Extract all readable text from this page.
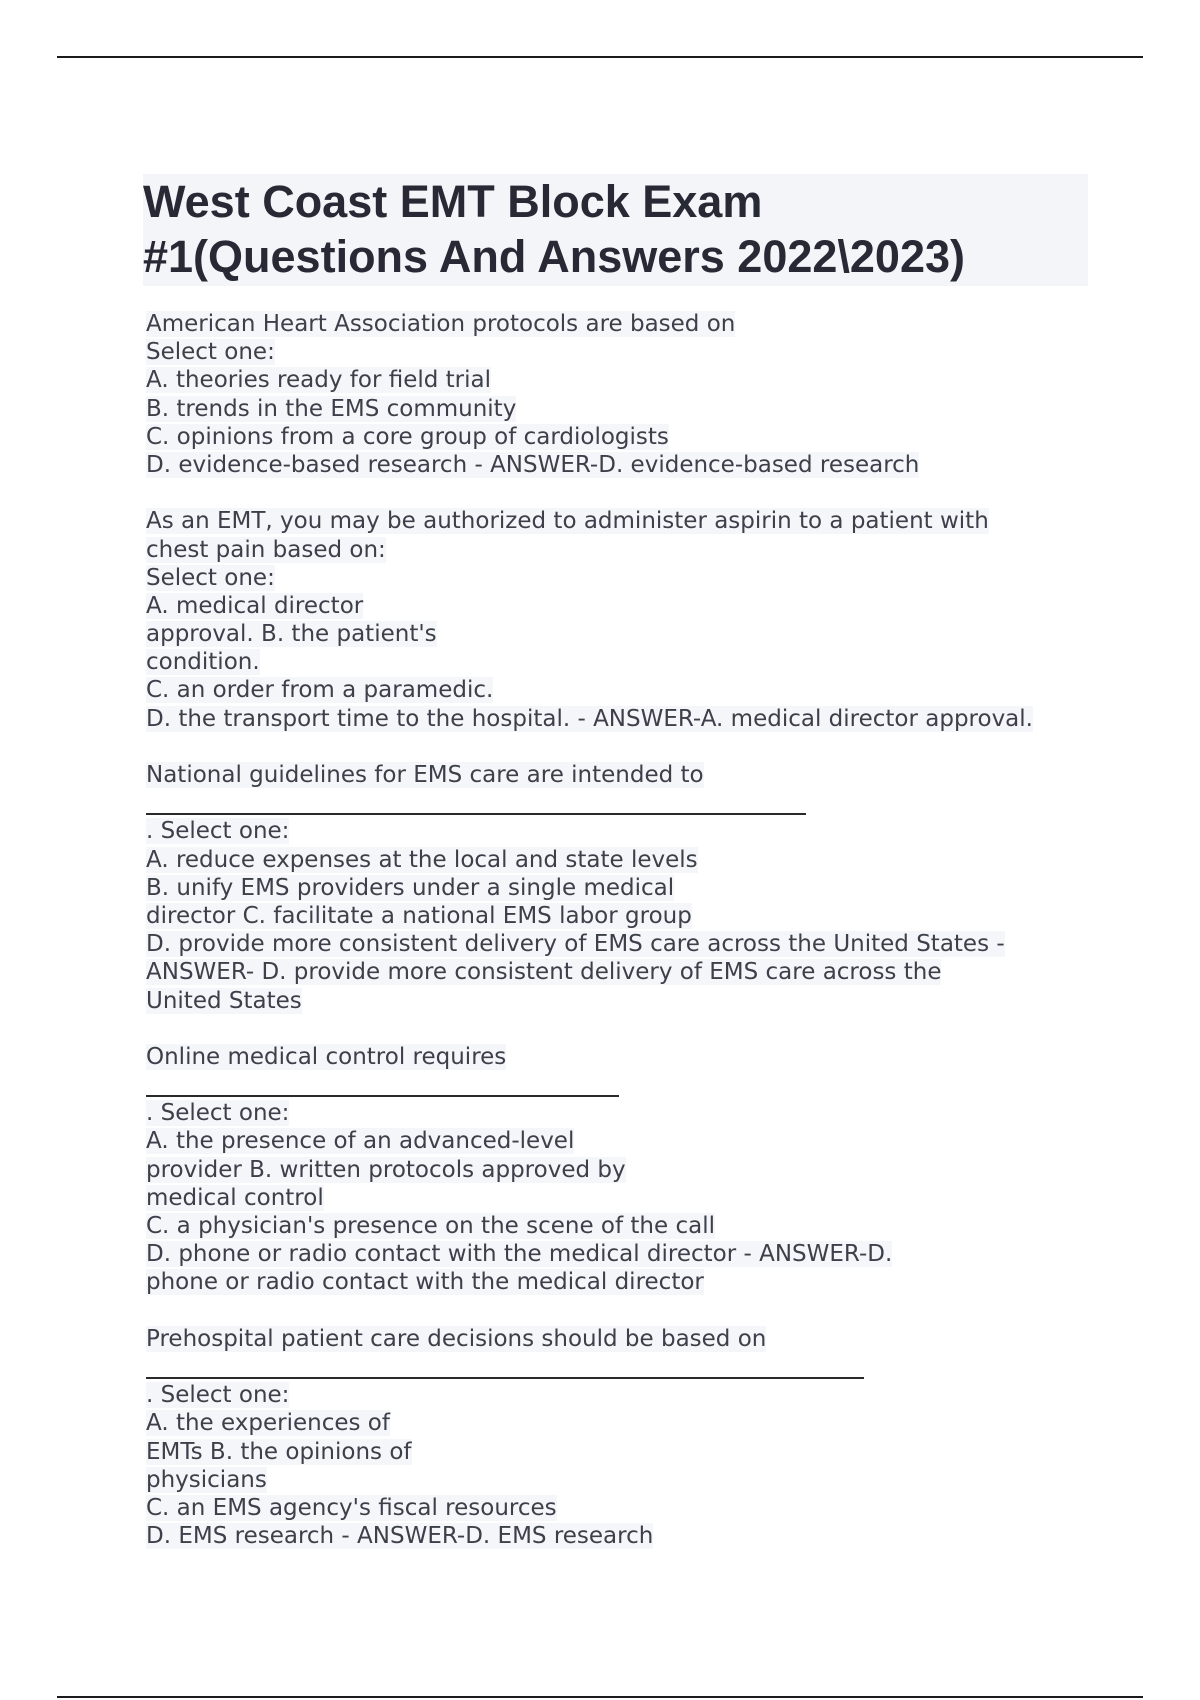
West Coast EMT Block Exam
#1(Questions And Answers 2022\2023)
American Heart Association protocols are based on
Select one:
A. theories ready for field trial
B. trends in the EMS community
C. opinions from a core group of cardiologists
D. evidence-based research - ANSWER-D. evidence-based research
As an EMT, you may be authorized to administer aspirin to a patient with
chest pain based on:
Select one:
A. medical director
approval. B. the patient's
condition.
C. an order from a paramedic.
D. the transport time to the hospital. - ANSWER-A. medical director approval.
National guidelines for EMS care are intended to
. Select one:
A. reduce expenses at the local and state levels
B. unify EMS providers under a single medical
director C. facilitate a national EMS labor group
D. provide more consistent delivery of EMS care across the United States -
ANSWER- D. provide more consistent delivery of EMS care across the
United States
Online medical control requires
. Select one:
A. the presence of an advanced-level
provider B. written protocols approved by
medical control
C. a physician's presence on the scene of the call
D. phone or radio contact with the medical director - ANSWER-D.
phone or radio contact with the medical director
Prehospital patient care decisions should be based on
. Select one:
A. the experiences of
EMTs B. the opinions of
physicians
C. an EMS agency's fiscal resources
D. EMS research - ANSWER-D. EMS research
